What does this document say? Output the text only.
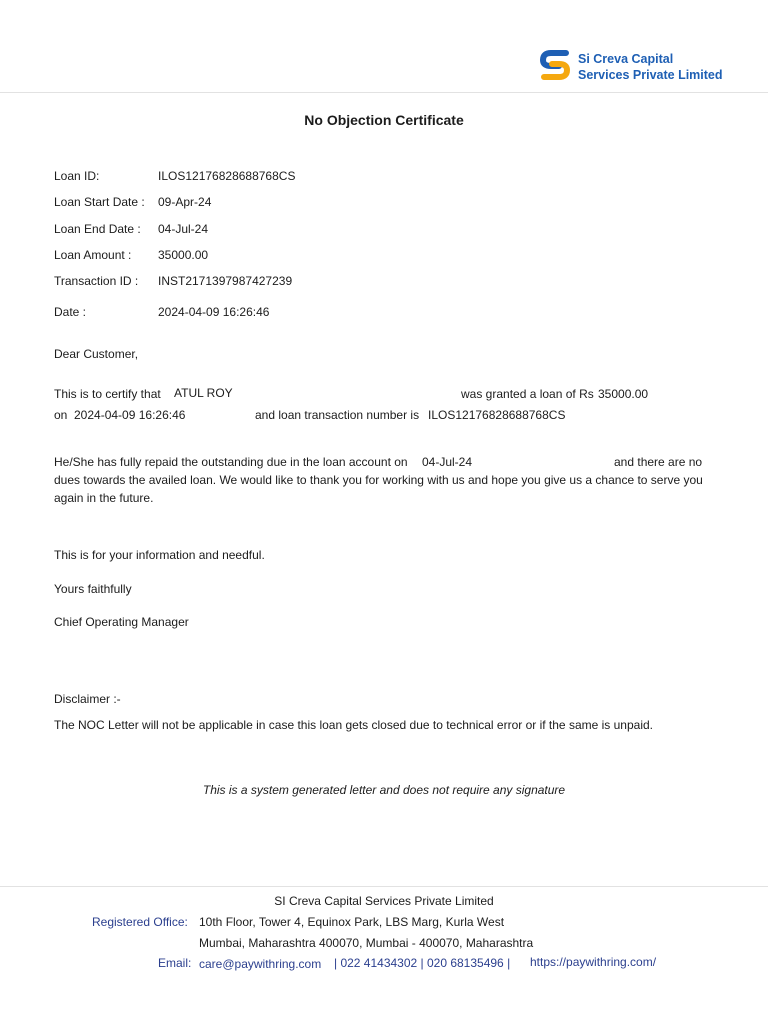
Si Creva Capital
Services Private Limited
No Objection Certificate
Loan ID:	ILOS12176828688768CS
Loan Start Date : 09-Apr-24
Loan End Date : 04-Jul-24
Loan Amount : 35000.00
Transaction ID : INST2171397987427239
Date :	2024-04-09 16:26:46
Dear Customer,
This is to certify that ATUL ROY	was granted a loan of Rs 35000.00
on 2024-04-09 16:26:46	and loan transaction number is ILOS12176828688768CS
He/She has fully repaid the outstanding due in the loan account on 04-Jul-24	and there are no
dues towards the availed loan. We would like to thank you for working with us and hope you give us a chance to serve you again in the future.
This is for your information and needful.
Yours faithfully
Chief Operating Manager
Disclaimer :-
The NOC Letter will not be applicable in case this loan gets closed due to technical error or if the same is unpaid.
This is a system generated letter and does not require any signature
SI Creva Capital Services Private Limited
Registered Office: 10th Floor, Tower 4, Equinox Park, LBS Marg, Kurla West
Mumbai, Maharashtra 400070, Mumbai - 400070, Maharashtra
Email: care@paywithring.com | 022 41434302 | 020 68135496 | https://paywithring.com/
